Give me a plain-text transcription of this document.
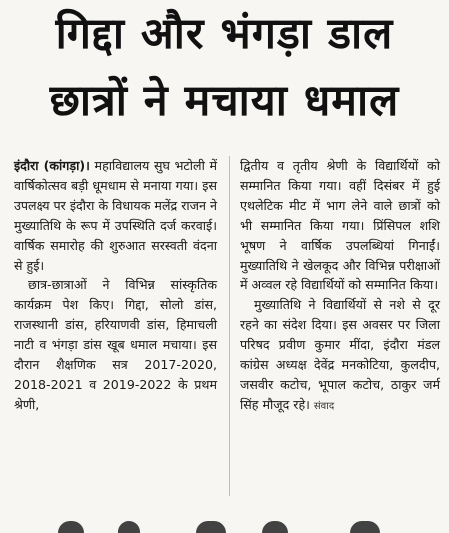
गिद्दा और भंगड़ा डाल
छात्रों ने मचाया धमाल

इंदौरा (कांगड़ा)। महाविद्यालय सुघ भटोली में वार्षिकोत्सव बड़ी धूमधाम से मनाया गया। इस उपलक्ष्य पर इंदौरा के विधायक मलेंद्र राजन ने मुख्यातिथि के रूप में उपस्थिति दर्ज करवाई। वार्षिक समारोह की शुरुआत सरस्वती वंदना से हुई।

छात्र-छात्राओं ने विभिन्न सांस्कृतिक कार्यक्रम पेश किए। गिद्दा, सोलो डांस, राजस्थानी डांस, हरियाणवी डांस, हिमाचली नाटी व भंगड़ा डांस खूब धमाल मचाया। इस दौरान शैक्षणिक सत्र 2017-2020, 2018-2021 व 2019-2022 के प्रथम श्रेणी,

द्वितीय व तृतीय श्रेणी के विद्यार्थियों को सम्मानित किया गया। वहीं दिसंबर में हुई एथलेटिक मीट में भाग लेने वाले छात्रों को भी सम्मानित किया गया। प्रिंसिपल शशि भूषण ने वार्षिक उपलब्धियां गिनाईं। मुख्यातिथि ने खेलकूद और विभिन्न परीक्षाओं में अव्वल रहे विद्यार्थियों को सम्मानित किया।

मुख्यातिथि ने विद्यार्थियों से नशे से दूर रहने का संदेश दिया। इस अवसर पर जिला परिषद प्रवीण कुमार मींदा, इंदौरा मंडल कांग्रेस अध्यक्ष देवेंद्र मनकोटिया, कुलदीप, जसवीर कटोच, भूपाल कटोच, ठाकुर जर्म सिंह मौजूद रहे। संवाद
